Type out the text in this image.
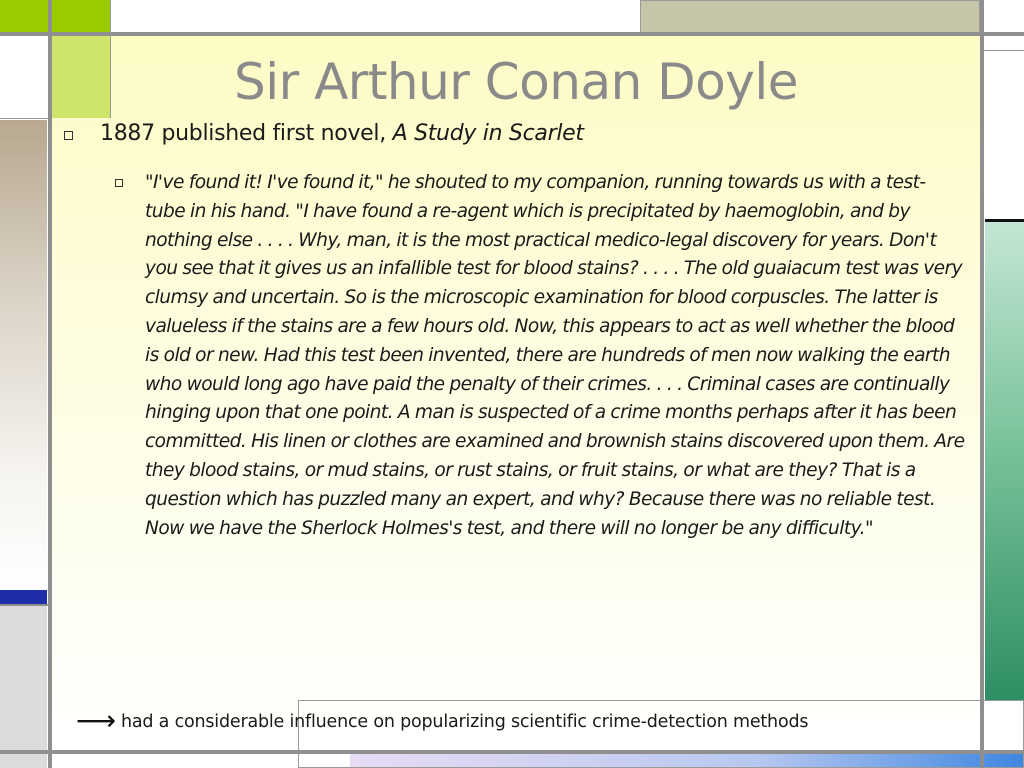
Sir Arthur Conan Doyle
1887 published first novel, A Study in Scarlet
"I've found it! I've found it," he shouted to my companion, running towards us with a test-tube in his hand. "I have found a re-agent which is precipitated by haemoglobin, and by nothing else . . . . Why, man, it is the most practical medico-legal discovery for years. Don't you see that it gives us an infallible test for blood stains? . . . . The old guaiacum test was very clumsy and uncertain. So is the microscopic examination for blood corpuscles. The latter is valueless if the stains are a few hours old. Now, this appears to act as well whether the blood is old or new. Had this test been invented, there are hundreds of men now walking the earth who would long ago have paid the penalty of their crimes. . . . Criminal cases are continually hinging upon that one point. A man is suspected of a crime months perhaps after it has been committed. His linen or clothes are examined and brownish stains discovered upon them. Are they blood stains, or mud stains, or rust stains, or fruit stains, or what are they? That is a question which has puzzled many an expert, and why? Because there was no reliable test. Now we have the Sherlock Holmes's test, and there will no longer be any difficulty."
⟶ had a considerable influence on popularizing scientific crime-detection methods
